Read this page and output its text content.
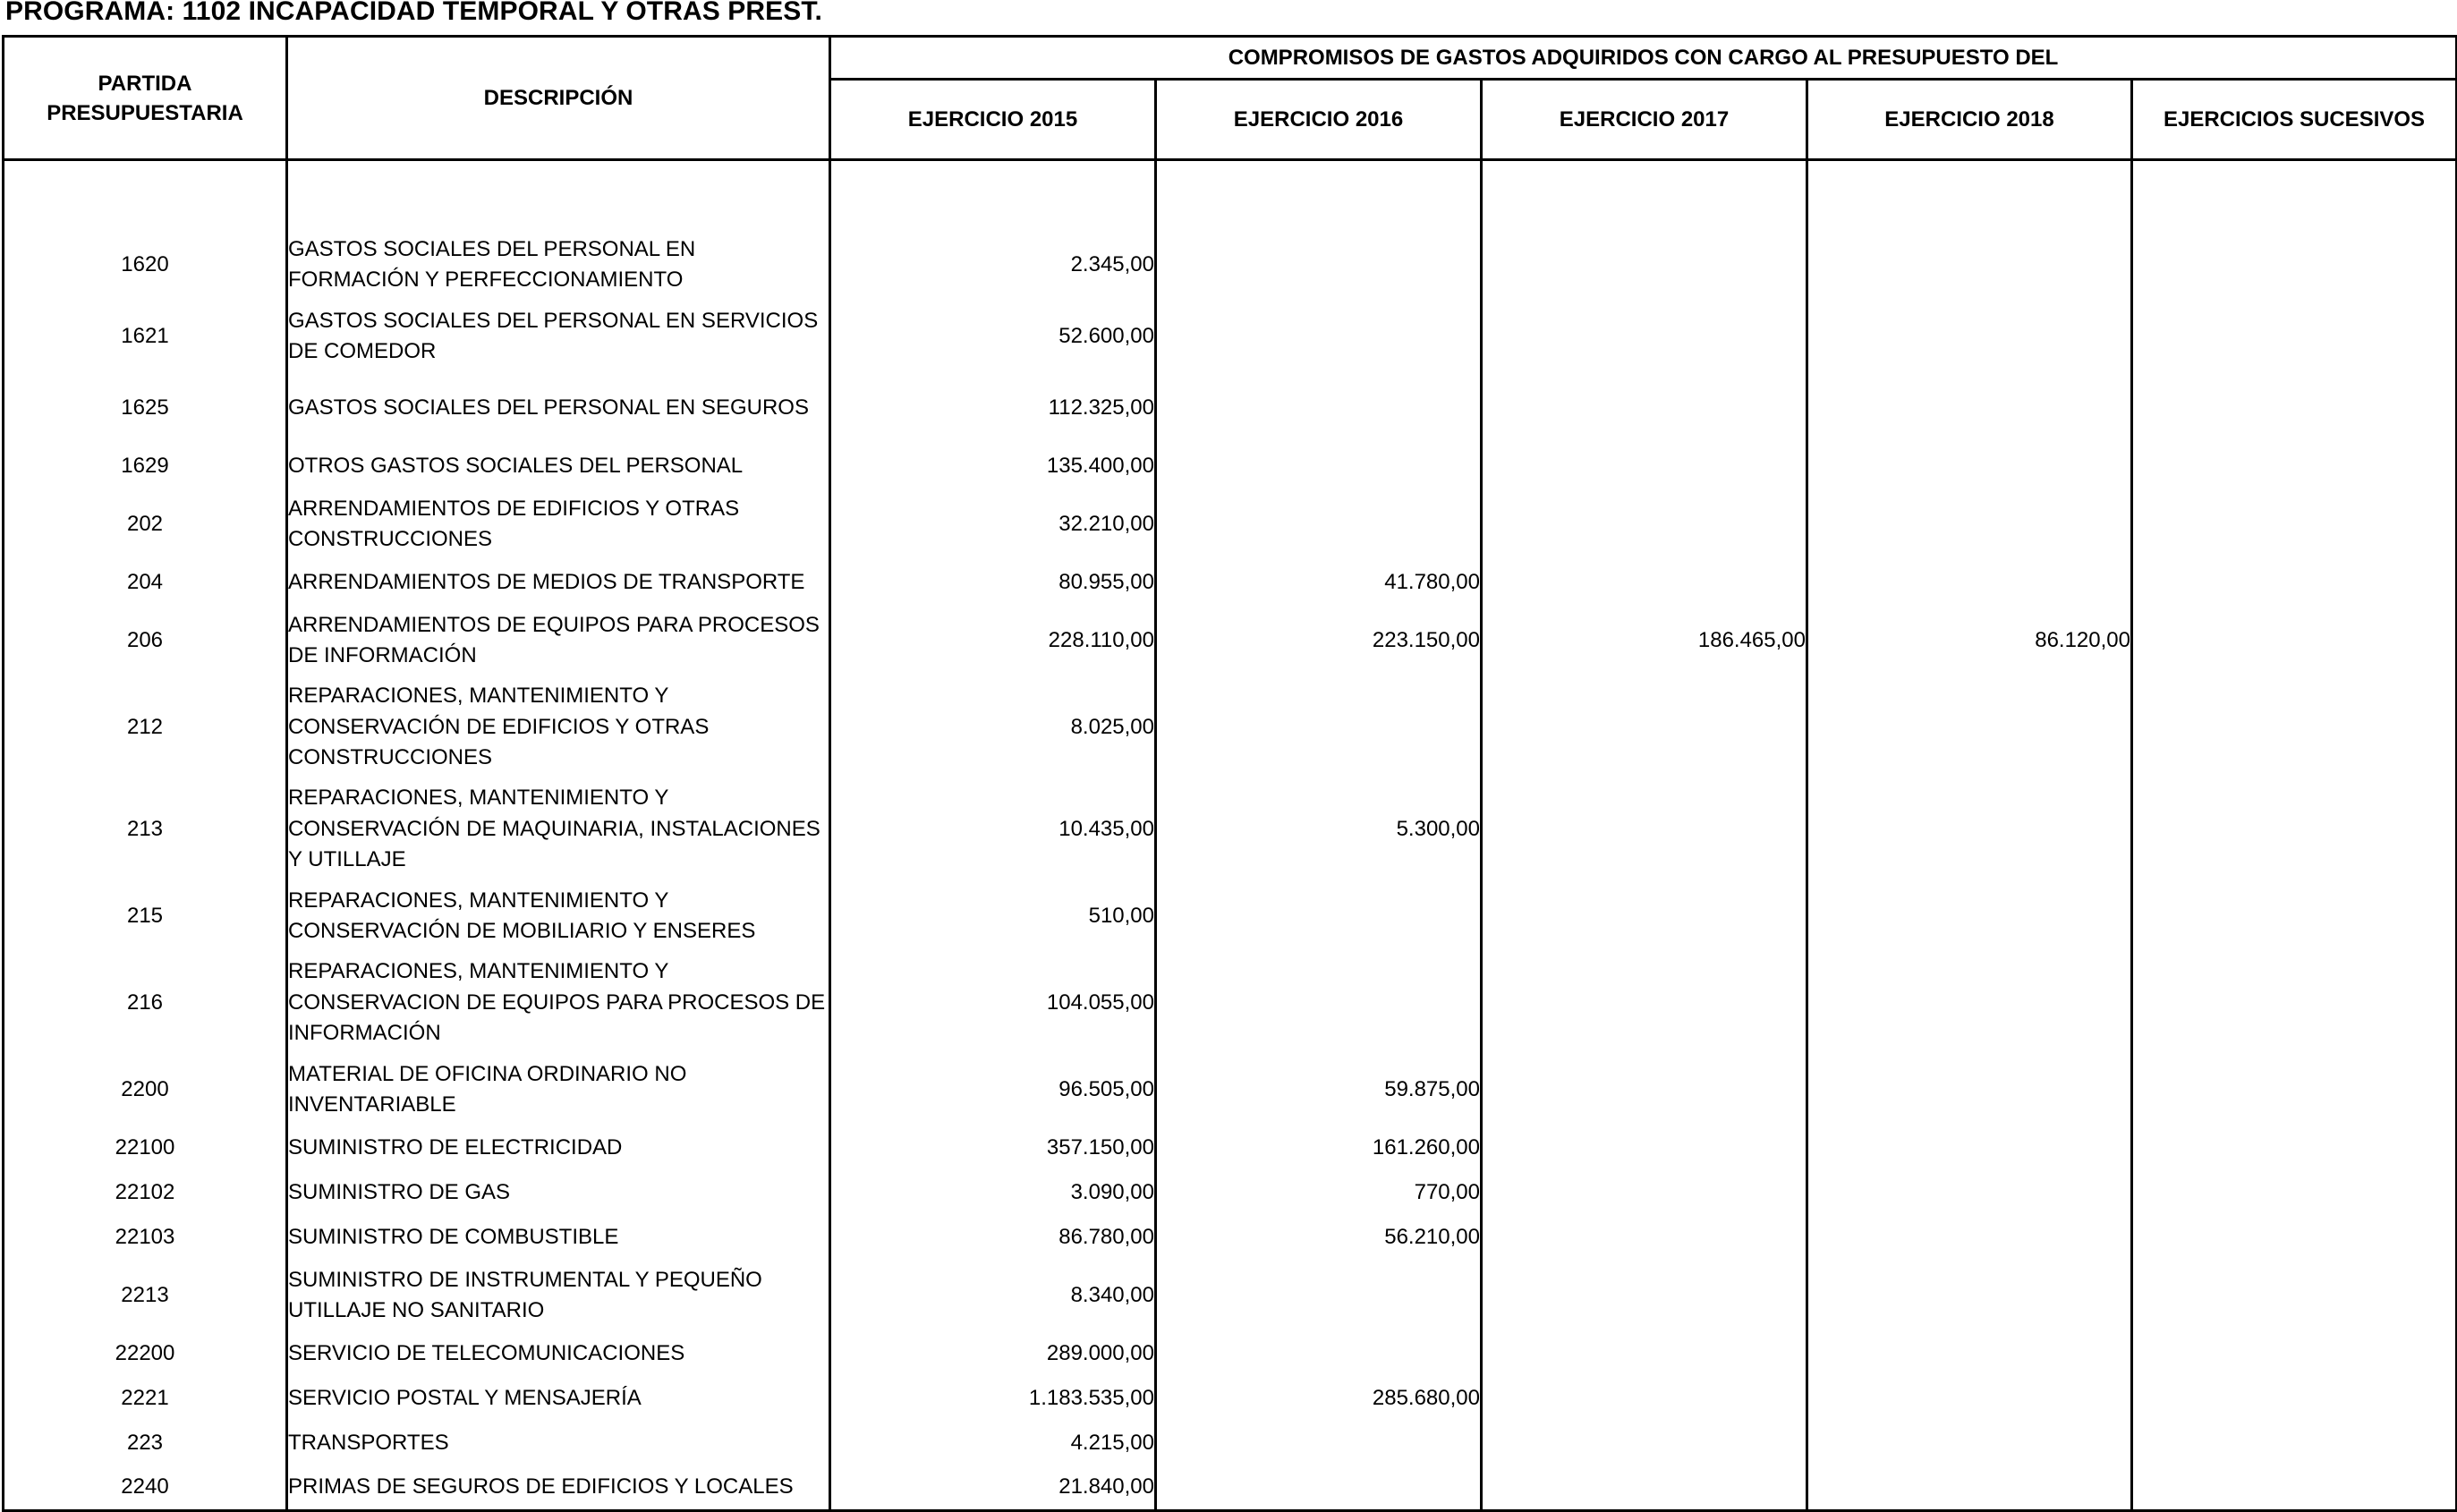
PROGRAMA: 1102 INCAPACIDAD TEMPORAL Y OTRAS PREST.
PARTIDA PRESUPUESTARIA	DESCRIPCIÓN	COMPROMISOS DE GASTOS ADQUIRIDOS CON CARGO AL PRESUPUESTO DEL				
		EJERCICIO 2015	EJERCICIO 2016	EJERCICIO 2017	EJERCICIO 2018	EJERCICIOS SUCESIVOS

1620	GASTOS SOCIALES DEL PERSONAL EN FORMACIÓN Y PERFECCIONAMIENTO	2.345,00				
1621	GASTOS SOCIALES DEL PERSONAL EN SERVICIOS DE COMEDOR	52.600,00				
1625	GASTOS SOCIALES DEL PERSONAL EN SEGUROS	112.325,00				
1629	OTROS GASTOS SOCIALES DEL PERSONAL	135.400,00				
202	ARRENDAMIENTOS DE EDIFICIOS Y OTRAS CONSTRUCCIONES	32.210,00				
204	ARRENDAMIENTOS DE MEDIOS DE TRANSPORTE	80.955,00	41.780,00			
206	ARRENDAMIENTOS DE EQUIPOS PARA PROCESOS DE INFORMACIÓN	228.110,00	223.150,00	186.465,00	86.120,00	
212	REPARACIONES, MANTENIMIENTO Y CONSERVACIÓN DE EDIFICIOS Y OTRAS CONSTRUCCIONES	8.025,00				
213	REPARACIONES, MANTENIMIENTO Y CONSERVACIÓN DE MAQUINARIA, INSTALACIONES Y UTILLAJE	10.435,00	5.300,00			
215	REPARACIONES, MANTENIMIENTO Y CONSERVACIÓN DE MOBILIARIO Y ENSERES	510,00				
216	REPARACIONES, MANTENIMIENTO Y CONSERVACION DE EQUIPOS PARA PROCESOS DE INFORMACIÓN	104.055,00				
2200	MATERIAL DE OFICINA ORDINARIO NO INVENTARIABLE	96.505,00	59.875,00			
22100	SUMINISTRO DE ELECTRICIDAD	357.150,00	161.260,00			
22102	SUMINISTRO DE GAS	3.090,00	770,00			
22103	SUMINISTRO DE COMBUSTIBLE	86.780,00	56.210,00			
2213	SUMINISTRO DE INSTRUMENTAL Y PEQUEÑO UTILLAJE NO SANITARIO	8.340,00				
22200	SERVICIO DE TELECOMUNICACIONES	289.000,00				
2221	SERVICIO POSTAL Y MENSAJERÍA	1.183.535,00	285.680,00			
223	TRANSPORTES	4.215,00				
2240	PRIMAS DE SEGUROS DE EDIFICIOS Y LOCALES	21.840,00				
